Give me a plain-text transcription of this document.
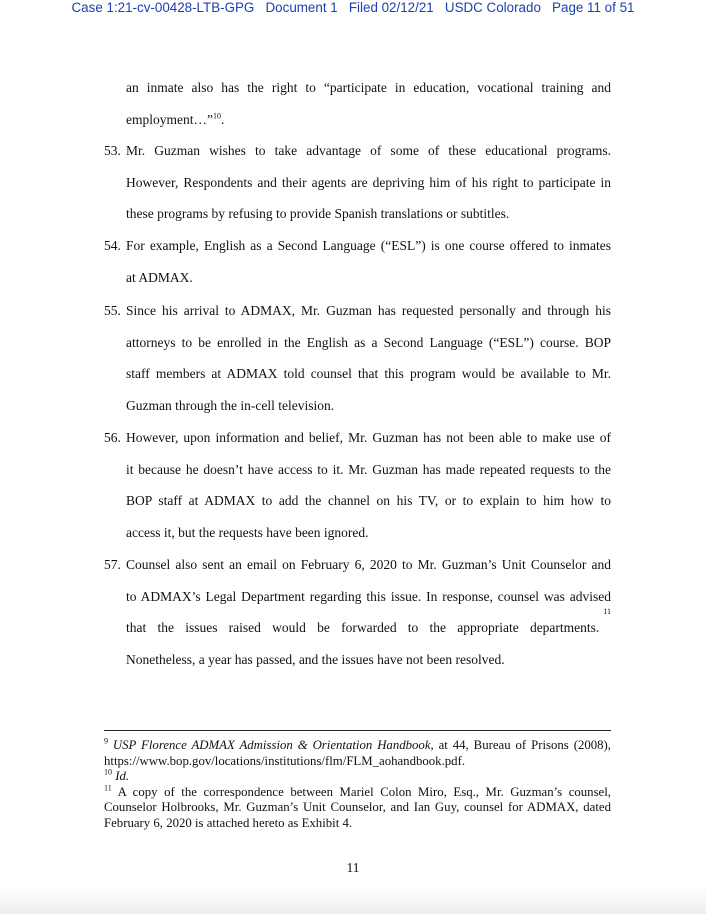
Case 1:21-cv-00428-LTB-GPG   Document 1   Filed 02/12/21   USDC Colorado   Page 11 of 51
an inmate also has the right to “participate in education, vocational training and
employment…”$^{10}$.
53. Mr. Guzman wishes to take advantage of some of these educational programs.
However, Respondents and their agents are depriving him of his right to participate in
these programs by refusing to provide Spanish translations or subtitles.
54. For example, English as a Second Language (“ESL”) is one course offered to inmates
at ADMAX.
55. Since his arrival to ADMAX, Mr. Guzman has requested personally and through his
attorneys to be enrolled in the English as a Second Language (“ESL”) course. BOP
staff members at ADMAX told counsel that this program would be available to Mr.
Guzman through the in-cell television.
56. However, upon information and belief, Mr. Guzman has not been able to make use of
it because he doesn’t have access to it. Mr. Guzman has made repeated requests to the
BOP staff at ADMAX to add the channel on his TV, or to explain to him how to
access it, but the requests have been ignored.
57. Counsel also sent an email on February 6, 2020 to Mr. Guzman’s Unit Counselor and
to ADMAX’s Legal Department regarding this issue. In response, counsel was advised
that the issues raised would be forwarded to the appropriate departments.
11
Nonetheless, a year has passed, and the issues have not been resolved.
$^9$ USP Florence ADMAX Admission & Orientation Handbook, at 44, Bureau of Prisons (2008), https://www.bop.gov/locations/institutions/flm/FLM_aohandbook.pdf.
$^{10}$ Id.
$^{11}$ A copy of the correspondence between Mariel Colon Miro, Esq., Mr. Guzman’s counsel, Counselor Holbrooks, Mr. Guzman’s Unit Counselor, and Ian Guy, counsel for ADMAX, dated February 6, 2020 is attached hereto as Exhibit 4.
11
